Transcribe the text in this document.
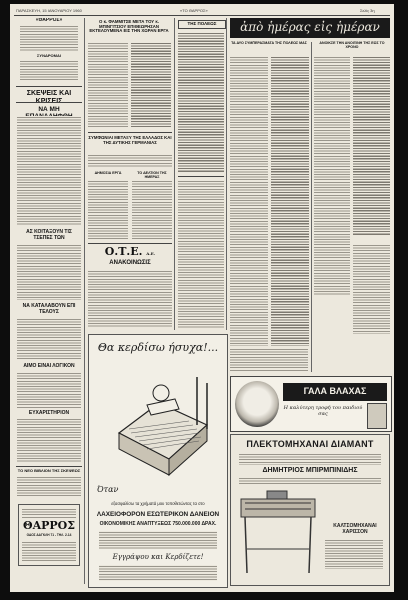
ΠΑΡΑΣΚΕΥΗ, 15 ΙΑΝΟΥΑΡΙΟΥ 1960	«ΤΟ ΘΑΡΡΟΣ»	Σελίς 3η
«ΘΑΡΡΟΣ»
ΣΥΝΔΡΟΜΑΙ
ΣΚΕΨΕΙΣ ΚΑΙ
ΝΑ ΜΗ
ΑΣ ΚΟΙΤΑΞΟΥΝ ΤΙΣ ΤΣΕΠΕΣ ΤΩΝ
ΝΑ ΚΑΤΑΛΑΒΟΥΝ ΕΠΙ ΤΕΛΟΥΣ
ΑΙΜΟ ΕΙΝΑΙ ΛΟΓΙΚΟΝ
ΕΥΧΑΡΙΣΤΗΡΙΟΝ
ΤΟ ΝΕΟ ΒΙΒΛΙΟΝ ΤΗΣ ΣΚΕΨΕΩΣ
ΘΑΡΡΟΣ
ΟΔΟΣ ΔΑΓΚΛΗ 71 - ΤΗΛ. 2-14
Ο κ. ΦΑΜΜΙΤΣΕ ΜΕΤΑ ΤΟΥ κ. ΜΠΙΝΓΙΤΣΙΟΥ ΕΠΙΘΕΩΡΗΣΑΝ ΕΚΤΕΛΟΥΜΕΝΑ ΕΙΣ ΤΗΝ ΧΩΡΑΝ ΕΡΓΑ
ΣΥΜΦΩΝΙΑΙ ΜΕΤΑΞΥ ΤΗΣ ΕΛΛΑΔΟΣ ΚΑΙ ΤΗΣ ΔΥΤΙΚΗΣ ΓΕΡΜΑΝΙΑΣ
ΔΗΜΟΣΙΑ ΕΡΓΑ	ΤΟ ΔΕΛΤΙΟΝ ΤΗΣ ΗΜΕΡΑΣ
Ο.Τ.Ε. Α.Ε.
ΑΝΑΚΟΙΝΩΣΙΣ
ΤΗΣ ΠΟΛΕΩΣ	ἀπὸ ἡμέρας εἰς ἡμέραν
ΤΑ ΔΥΟ ΣΥΜΠΕΡΑΣΜΑΤΑ ΤΗΣ ΠΟΛΕΩΣ ΜΑΣ	ΑΝΟΙΚΣΕ ΤΗΝ ΑΝΟΙΞΙΝΗ ΤΗΣ ΕΩΣ ΤΟ ΧΡΟΝΟ
ΓΑΛΑ ΒΛΑΧΑΣ
Η καλύτερη τροφή του παιδιού σας
ΠΛΕΚΤΟΜΗΧΑΝΑΙ ΔΙΑΜΑΝΤ
ΔΗΜΗΤΡΙΟΣ ΜΠΙΡΜΠΙΝΙΔΗΣ
ΚΑΛΤΣΟΜΗΧΑΝΑΙ ΧΑΡΙΣΣΟΝ
Θα κερδίσω ήσυχα!...
Όταν
εξασφαλίσω τα χρήματά μου τοποθετώντας τα στο
ΛΑΧΕΙΟΦΟΡΟΝ ΕΣΩΤΕΡΙΚΟΝ ΔΑΝΕΙΟΝ
ΟΙΚΟΝΟΜΙΚΗΣ ΑΝΑΠΤΥΞΕΩΣ 750.000.000 ΔΡΑΧ.
Εγγράψου και Κερδίζετε!
